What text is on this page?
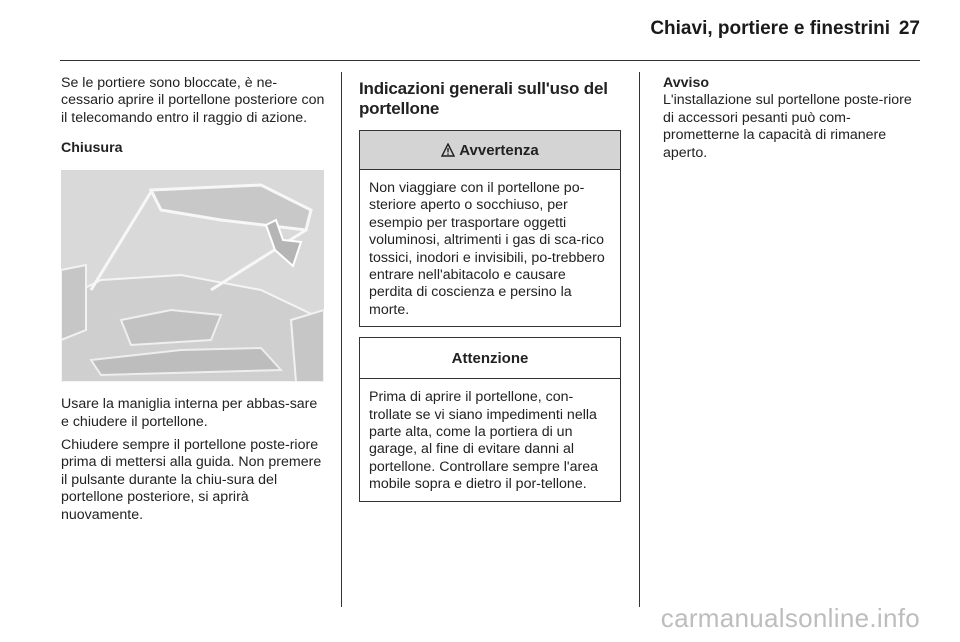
Chiavi, portiere e finestrini 27

Se le portiere sono bloccate, è ne-cessario aprire il portellone posteriore con il telecomando entro il raggio di azione.

Chiusura

Usare la maniglia interna per abbas-sare e chiudere il portellone.

Chiudere sempre il portellone poste-riore prima di mettersi alla guida. Non premere il pulsante durante la chiu-sura del portellone posteriore, si aprirà nuovamente.

Indicazioni generali sull'uso del portellone
Avvertenza
Non viaggiare con il portellone po-steriore aperto o socchiuso, per esempio per trasportare oggetti voluminosi, altrimenti i gas di sca-rico tossici, inodori e invisibili, po-trebbero entrare nell'abitacolo e causare perdita di coscienza e persino la morte.
Attenzione
Prima di aprire il portellone, con-trollate se vi siano impedimenti nella parte alta, come la portiera di un garage, al fine di evitare danni al portellone. Controllare sempre l'area mobile sopra e dietro il por-tellone.

Avviso

L'installazione sul portellone poste-riore di accessori pesanti può com-prometterne la capacità di rimanere aperto.

carmanualsonline.info
